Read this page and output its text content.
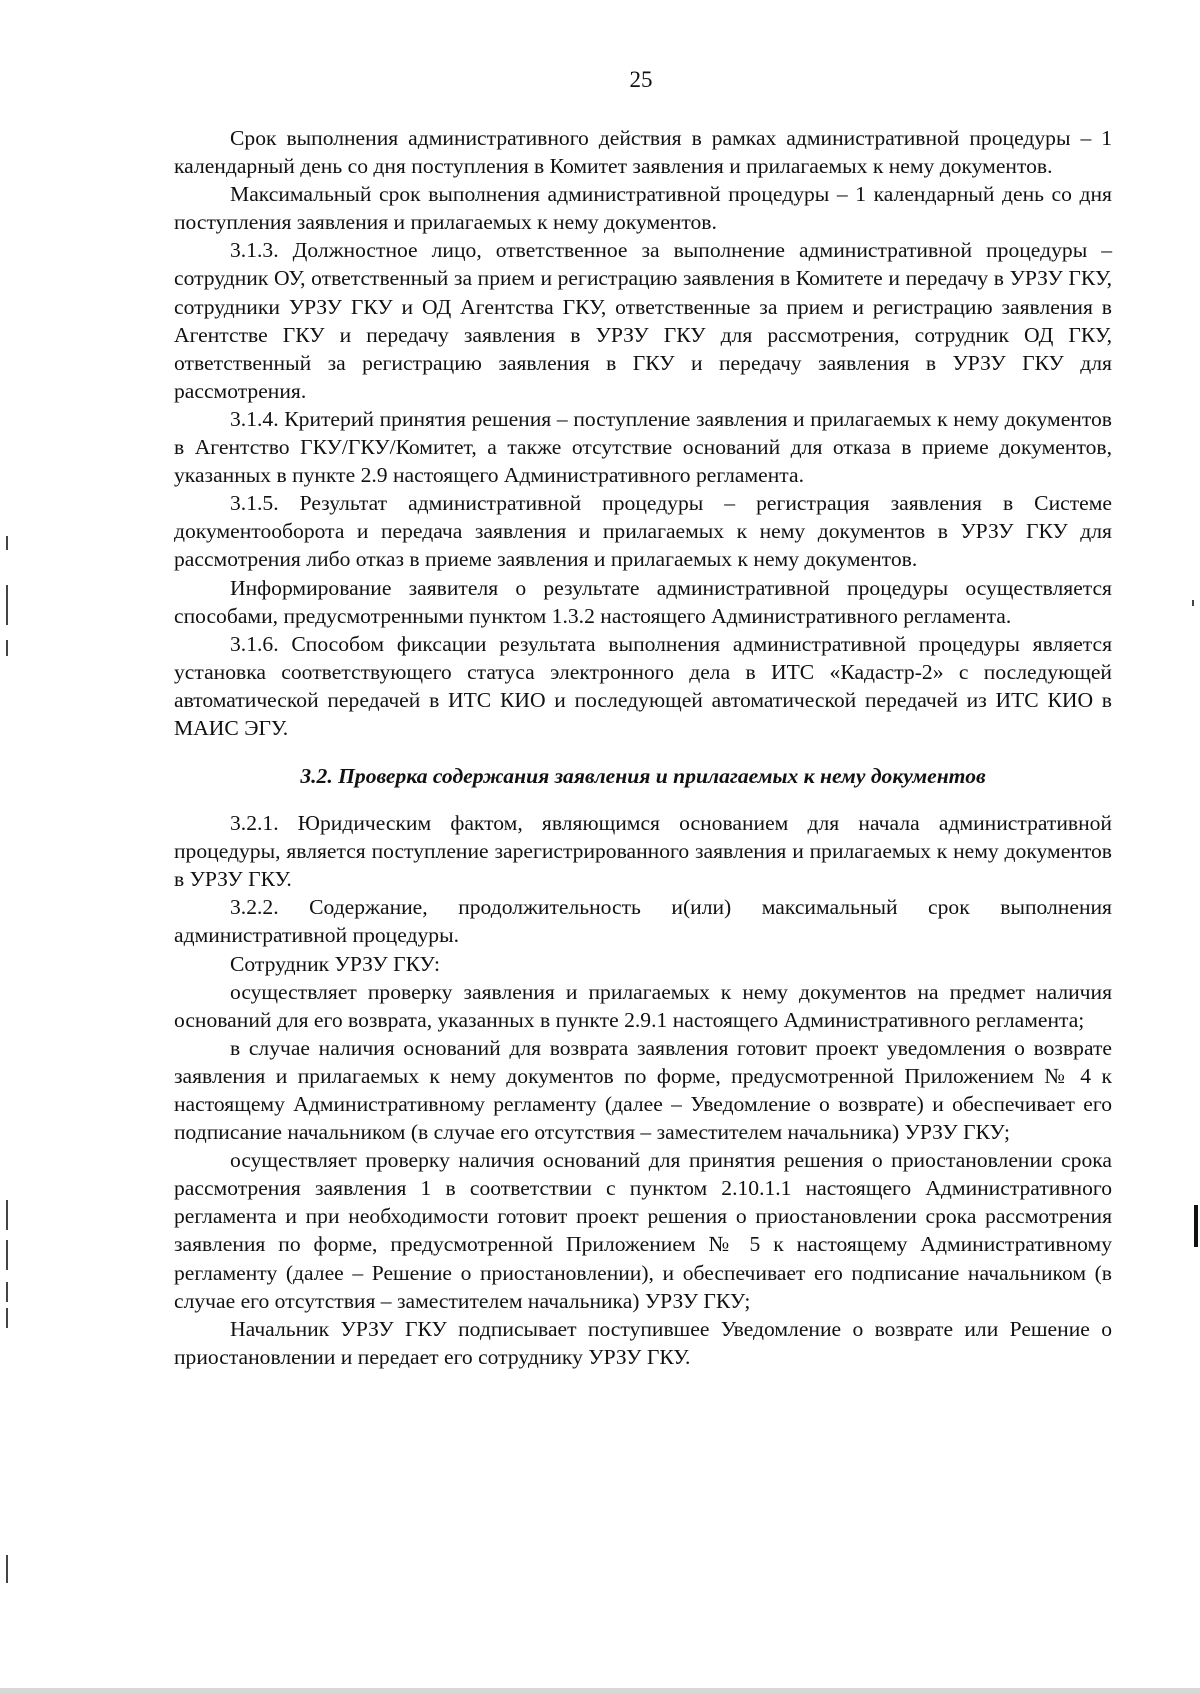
25

Срок выполнения административного действия в рамках административной процедуры – 1 календарный день со дня поступления в Комитет заявления и прилагаемых к нему документов.

Максимальный срок выполнения административной процедуры – 1 календарный день со дня поступления заявления и прилагаемых к нему документов.

3.1.3. Должностное лицо, ответственное за выполнение административной процедуры – сотрудник ОУ, ответственный за прием и регистрацию заявления в Комитете и передачу в УРЗУ ГКУ, сотрудники УРЗУ ГКУ и ОД Агентства ГКУ, ответственные за прием и регистрацию заявления в Агентстве ГКУ и передачу заявления в УРЗУ ГКУ для рассмотрения, сотрудник ОД ГКУ, ответственный за регистрацию заявления в ГКУ и передачу заявления в УРЗУ ГКУ для рассмотрения.

3.1.4. Критерий принятия решения – поступление заявления и прилагаемых к нему документов в Агентство ГКУ/ГКУ/Комитет, а также отсутствие оснований для отказа в приеме документов, указанных в пункте 2.9 настоящего Административного регламента.

3.1.5. Результат административной процедуры – регистрация заявления в Системе документооборота и передача заявления и прилагаемых к нему документов в УРЗУ ГКУ для рассмотрения либо отказ в приеме заявления и прилагаемых к нему документов.

Информирование заявителя о результате административной процедуры осуществляется способами, предусмотренными пунктом 1.3.2 настоящего Административного регламента.

3.1.6. Способом фиксации результата выполнения административной процедуры является установка соответствующего статуса электронного дела в ИТС «Кадастр-2» с последующей автоматической передачей в ИТС КИО и последующей автоматической передачей из ИТС КИО в МАИС ЭГУ.

3.2. Проверка содержания заявления и прилагаемых к нему документов

3.2.1. Юридическим фактом, являющимся основанием для начала административной процедуры, является поступление зарегистрированного заявления и прилагаемых к нему документов в УРЗУ ГКУ.

3.2.2. Содержание, продолжительность и(или) максимальный срок выполнения административной процедуры.

Сотрудник УРЗУ ГКУ:

осуществляет проверку заявления и прилагаемых к нему документов на предмет наличия оснований для его возврата, указанных в пункте 2.9.1 настоящего Административного регламента;

в случае наличия оснований для возврата заявления готовит проект уведомления о возврате заявления и прилагаемых к нему документов по форме, предусмотренной Приложением № 4 к настоящему Административному регламенту (далее – Уведомление о возврате) и обеспечивает его подписание начальником (в случае его отсутствия – заместителем начальника) УРЗУ ГКУ;

осуществляет проверку наличия оснований для принятия решения о приостановлении срока рассмотрения заявления 1 в соответствии с пунктом 2.10.1.1 настоящего Административного регламента и при необходимости готовит проект решения о приостановлении срока рассмотрения заявления по форме, предусмотренной Приложением № 5 к настоящему Административному регламенту (далее – Решение о приостановлении), и обеспечивает его подписание начальником (в случае его отсутствия – заместителем начальника) УРЗУ ГКУ;

Начальник УРЗУ ГКУ подписывает поступившее Уведомление о возврате или Решение о приостановлении и передает его сотруднику УРЗУ ГКУ.
